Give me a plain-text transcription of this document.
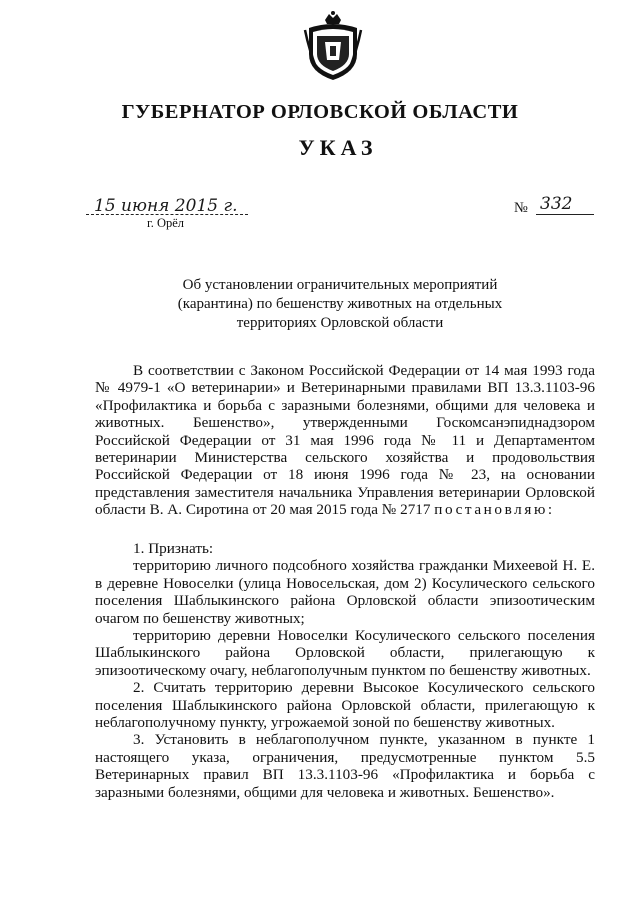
ГУБЕРНАТОР ОРЛОВСКОЙ ОБЛАСТИ
УКАЗ
15 июня 2015 г.
г. Орёл
№ 332
Об установлении ограничительных мероприятий
(карантина) по бешенству животных на отдельных
территориях Орловской области

В соответствии с Законом Российской Федерации от 14 мая 1993 года № 4979-1 «О ветеринарии» и Ветеринарными правилами ВП 13.3.1103-96 «Профилактика и борьба с заразными болезнями, общими для человека и животных. Бешенство», утвержденными Госкомсанэпиднадзором Российской Федерации от 31 мая 1996 года № 11 и Департаментом ветеринарии Министерства сельского хозяйства и продовольствия Российской Федерации от 18 июня 1996 года № 23, на основании представления заместителя начальника Управления ветеринарии Орловской области В. А. Сиротина от 20 мая 2015 года № 2717 постановляю:

1. Признать:

территорию личного подсобного хозяйства гражданки Михеевой Н. Е. в деревне Новоселки (улица Новосельская, дом 2) Косулического сельского поселения Шаблыкинского района Орловской области эпизоотическим очагом по бешенству животных;

территорию деревни Новоселки Косулического сельского поселения Шаблыкинского района Орловской области, прилегающую к эпизоотическому очагу, неблагополучным пунктом по бешенству животных.

2. Считать территорию деревни Высокое Косулического сельского поселения Шаблыкинского района Орловской области, прилегающую к неблагополучному пункту, угрожаемой зоной по бешенству животных.

3. Установить в неблагополучном пункте, указанном в пункте 1 настоящего указа, ограничения, предусмотренные пунктом 5.5 Ветеринарных правил ВП 13.3.1103-96 «Профилактика и борьба с заразными болезнями, общими для человека и животных. Бешенство».
